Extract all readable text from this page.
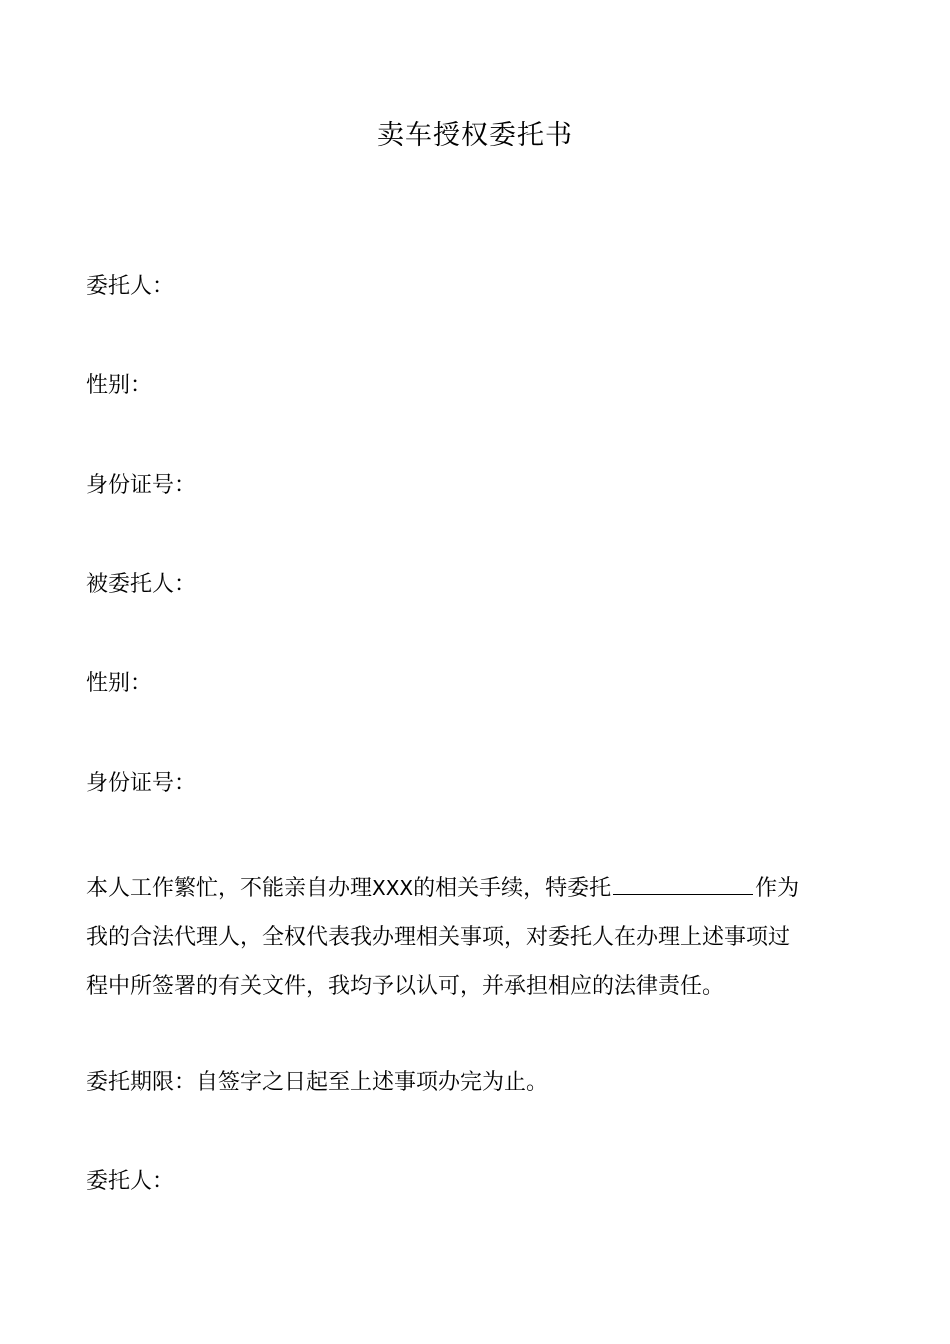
卖车授权委托书
委托人：
性别：
身份证号：
被委托人：
性别：
身份证号：
本人工作繁忙，不能亲自办理XXX的相关手续，特委托	作为
我的合法代理人，全权代表我办理相关事项，对委托人在办理上述事项过
程中所签署的有关文件，我均予以认可，并承担相应的法律责任。
委托期限：自签字之日起至上述事项办完为止。
委托人：
